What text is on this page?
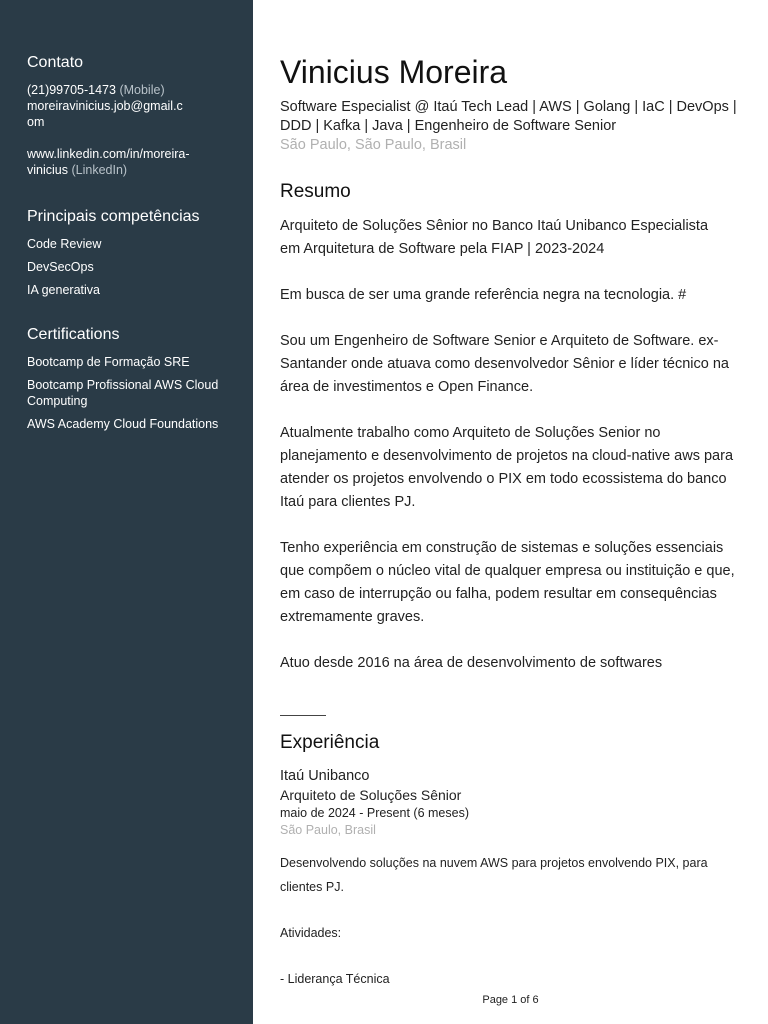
Contato
(21)99705-1473 (Mobile)
moreiravinicius.job@gmail.c
om
www.linkedin.com/in/moreira-
vinicius (LinkedIn)
Principais competências
Code Review
DevSecOps
IA generativa
Certifications
Bootcamp de Formação SRE
Bootcamp Profissional AWS Cloud Computing
AWS Academy Cloud Foundations
Vinicius Moreira
Software Especialist @ Itaú Tech Lead | AWS | Golang | IaC | DevOps | DDD | Kafka | Java | Engenheiro de Software Senior
São Paulo, São Paulo, Brasil
Resumo

Arquiteto de Soluções Sênior no Banco Itaú Unibanco Especialista em Arquitetura de Software pela FIAP | 2023-2024

Em busca de ser uma grande referência negra na tecnologia. #

Sou um Engenheiro de Software Senior e Arquiteto de Software. ex-Santander onde atuava como desenvolvedor Sênior e líder técnico na área de investimentos e Open Finance.

Atualmente trabalho como Arquiteto de Soluções Senior no planejamento e desenvolvimento de projetos na cloud-native aws para atender os projetos envolvendo o PIX em todo ecossistema do banco Itaú para clientes PJ.

Tenho experiência em construção de sistemas e soluções essenciais que compõem o núcleo vital de qualquer empresa ou instituição e que, em caso de interrupção ou falha, podem resultar em consequências extremamente graves.

Atuo desde 2016 na área de desenvolvimento de softwares

Experiência
Itaú Unibanco
Arquiteto de Soluções Sênior
maio de 2024 - Present (6 meses)
São Paulo, Brasil

Desenvolvendo soluções na nuvem AWS para projetos envolvendo PIX, para clientes PJ.

Atividades:

- Liderança Técnica

Page 1 of 6
